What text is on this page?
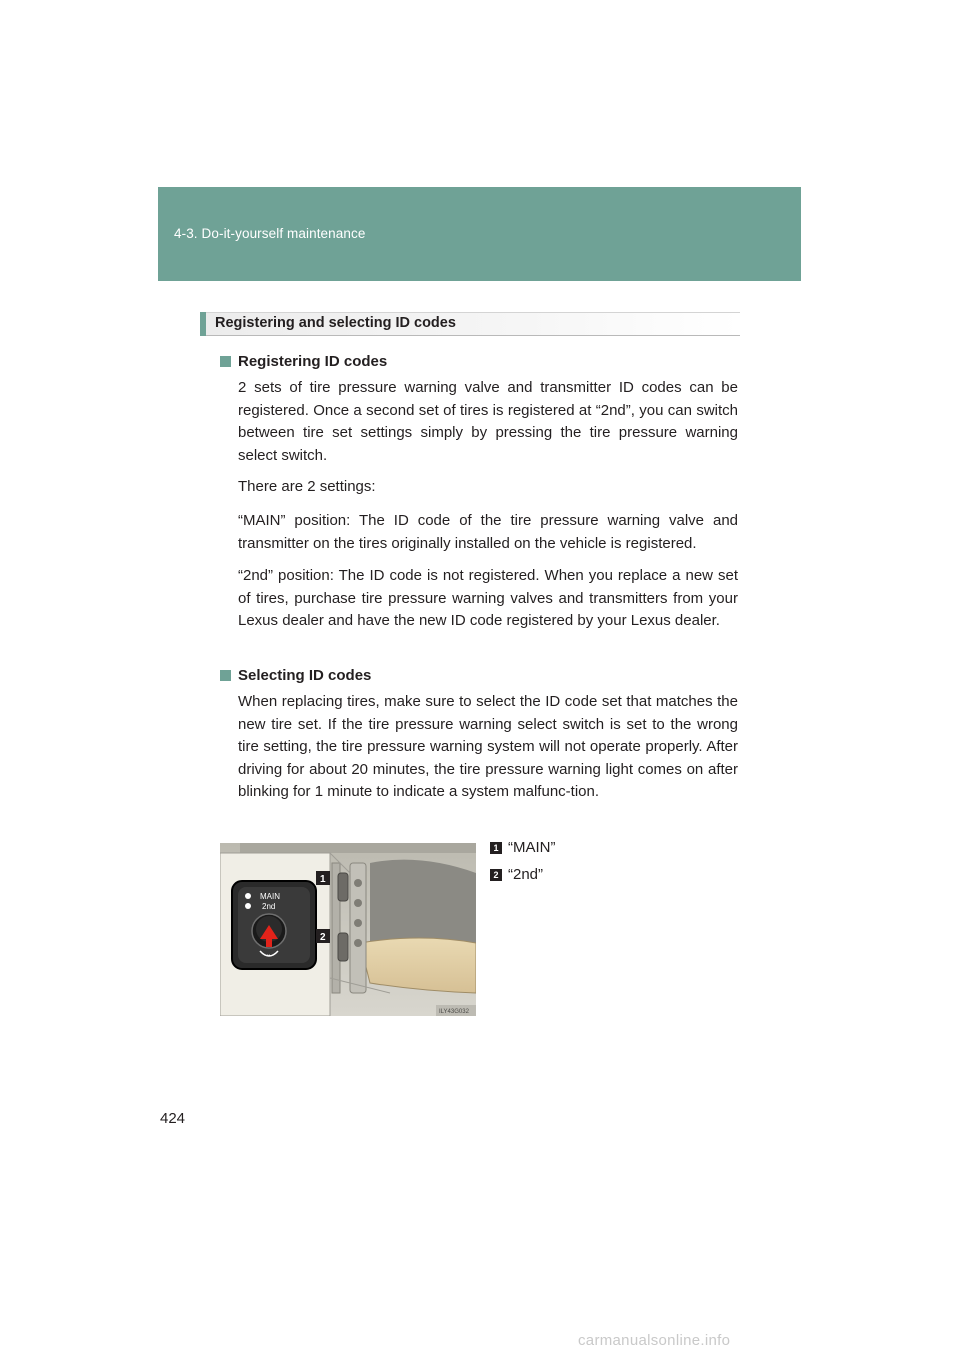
4-3. Do-it-yourself maintenance
Registering and selecting ID codes
Registering ID codes
2 sets of tire pressure warning valve and transmitter ID codes can be registered. Once a second set of tires is registered at “2nd”, you can switch between tire set settings simply by pressing the tire pressure warning select switch.
There are 2 settings:
“MAIN” position: The ID code of the tire pressure warning valve and transmitter on the tires originally installed on the vehicle is registered.
“2nd” position: The ID code is not registered. When you replace a new set of tires, purchase tire pressure warning valves and transmitters from your Lexus dealer and have the new ID code registered by your Lexus dealer.
Selecting ID codes
When replacing tires, make sure to select the ID code set that matches the new tire set. If the tire pressure warning select switch is set to the wrong tire setting, the tire pressure warning system will not operate properly. After driving for about 20 minutes, the tire pressure warning light comes on after blinking for 1 minute to indicate a system malfunc-tion.
MAIN
2nd
•••
1
2
ILY43G032
1 “MAIN”
2 “2nd”
424
carmanualsonline.info
